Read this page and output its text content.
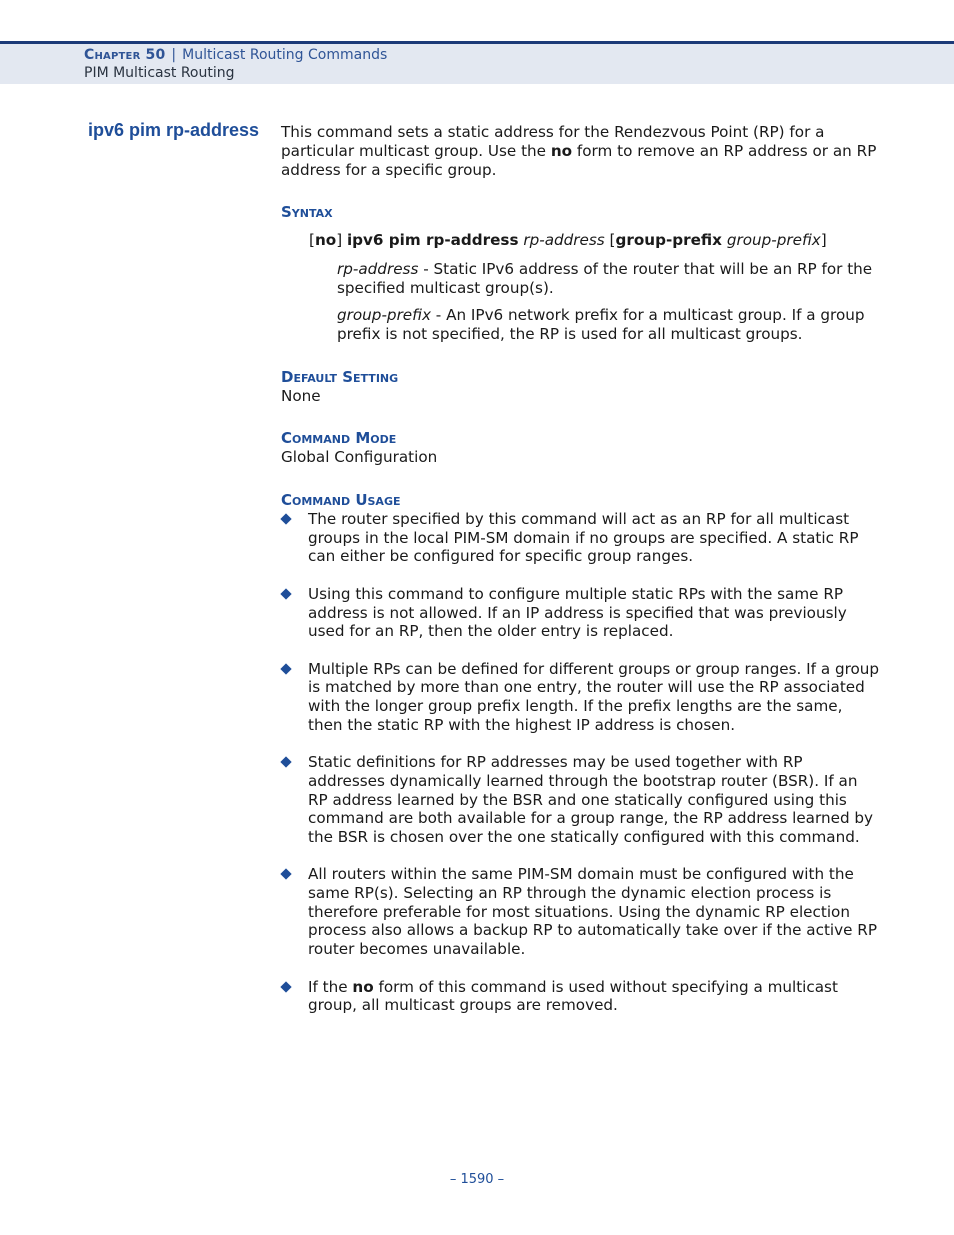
Chapter 50 | Multicast Routing Commands
PIM Multicast Routing
ipv6 pim rp-address This command sets a static address for the Rendezvous Point (RP) for a particular multicast group. Use the no form to remove an RP address or an RP address for a specific group.
Syntax
[no] ipv6 pim rp-address rp-address [group-prefix group-prefix]
rp-address - Static IPv6 address of the router that will be an RP for the specified multicast group(s).
group-prefix - An IPv6 network prefix for a multicast group. If a group prefix is not specified, the RP is used for all multicast groups.
Default Setting
None
Command Mode
Global Configuration
Command Usage
The router specified by this command will act as an RP for all multicast groups in the local PIM-SM domain if no groups are specified. A static RP can either be configured for specific group ranges.
Using this command to configure multiple static RPs with the same RP address is not allowed. If an IP address is specified that was previously used for an RP, then the older entry is replaced.
Multiple RPs can be defined for different groups or group ranges. If a group is matched by more than one entry, the router will use the RP associated with the longer group prefix length. If the prefix lengths are the same, then the static RP with the highest IP address is chosen.
Static definitions for RP addresses may be used together with RP addresses dynamically learned through the bootstrap router (BSR). If an RP address learned by the BSR and one statically configured using this command are both available for a group range, the RP address learned by the BSR is chosen over the one statically configured with this command.
All routers within the same PIM-SM domain must be configured with the same RP(s). Selecting an RP through the dynamic election process is therefore preferable for most situations. Using the dynamic RP election process also allows a backup RP to automatically take over if the active RP router becomes unavailable.
If the no form of this command is used without specifying a multicast group, all multicast groups are removed.
– 1590 –
